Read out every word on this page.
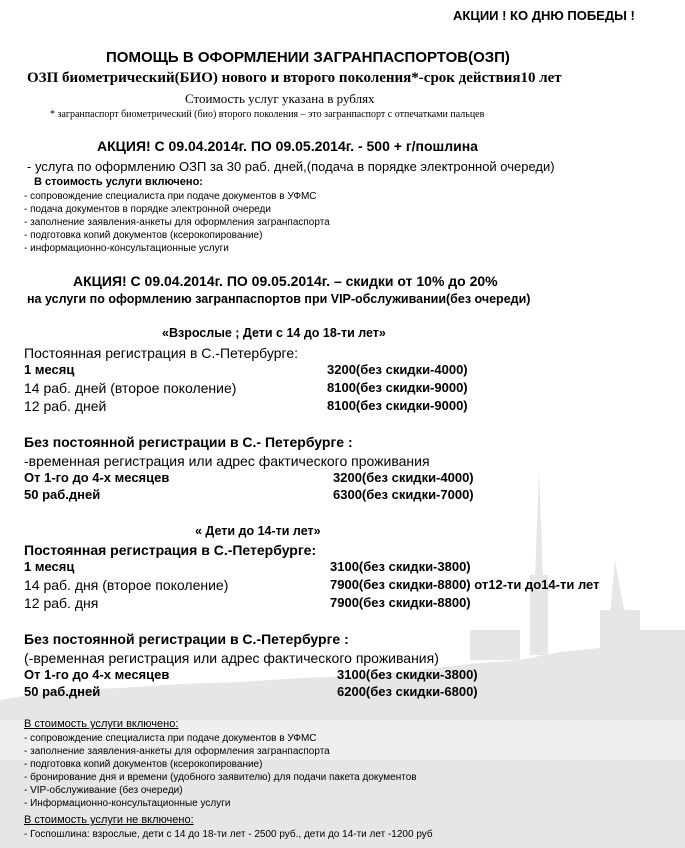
АКЦИИ ! КО ДНЮ ПОБЕДЫ !
ПОМОЩЬ В ОФОРМЛЕНИИ ЗАГРАНПАСПОРТОВ(ОЗП)
ОЗП биометрический(БИО) нового и второго поколения*-срок действия10 лет
Стоимость услуг указана в рублях
* загранпаспорт биометрический (био) второго поколения – это загранпаспорт с отпечатками пальцев
АКЦИЯ! С 09.04.2014г. ПО 09.05.2014г. - 500 + г/пошлина
- услуга по оформлению ОЗП за 30 раб. дней,(подача в порядке электронной очереди)
В стоимость услуги включено:
- сопровождение специалиста при подаче документов в УФМС
- подача документов в порядке электронной очереди
- заполнение заявления-анкеты для оформления загранпаспорта
- подготовка копий документов (ксерокопирование)
- информационно-консультационные услуги
АКЦИЯ! С 09.04.2014г. ПО 09.05.2014г. – скидки от 10% до 20%
на услуги по оформлению загранпаспортов при VIP-обслуживании(без очереди)
«Взрослые ; Дети с 14 до 18-ти лет»
Постоянная регистрация в С.-Петербурге:
1 месяц	3200(без скидки-4000)
14 раб. дней (второе поколение)	8100(без скидки-9000)
12 раб. дней	8100(без скидки-9000)
Без постоянной регистрации в С.- Петербурге :
-временная регистрация или адрес фактического проживания
От 1-го до 4-х месяцев	3200(без скидки-4000)
50 раб.дней	6300(без скидки-7000)
« Дети до 14-ти лет»
Постоянная регистрация в С.-Петербурге:
1 месяц	3100(без скидки-3800)
14 раб. дня (второе поколение)	7900(без скидки-8800) от12-ти до14-ти лет
12 раб. дня	7900(без скидки-8800)
Без постоянной регистрации в С.-Петербурге :
(-временная регистрация или адрес фактического проживания)
От 1-го до 4-х месяцев	3100(без скидки-3800)
50 раб.дней	6200(без скидки-6800)
В стоимость услуги включено:
- сопровождение специалиста при подаче документов в УФМС
- заполнение заявления-анкеты для оформления загранпаспорта
- подготовка копий документов (ксерокопирование)
- бронирование дня и времени (удобного заявителю) для подачи пакета документов
- VIP-обслуживание (без очереди)
- Информационно-консультационные услуги
В стоимость услуги не включено:
- Госпошлина: взрослые, дети с 14 до 18-ти лет - 2500 руб., дети до 14-ти лет -1200 руб
